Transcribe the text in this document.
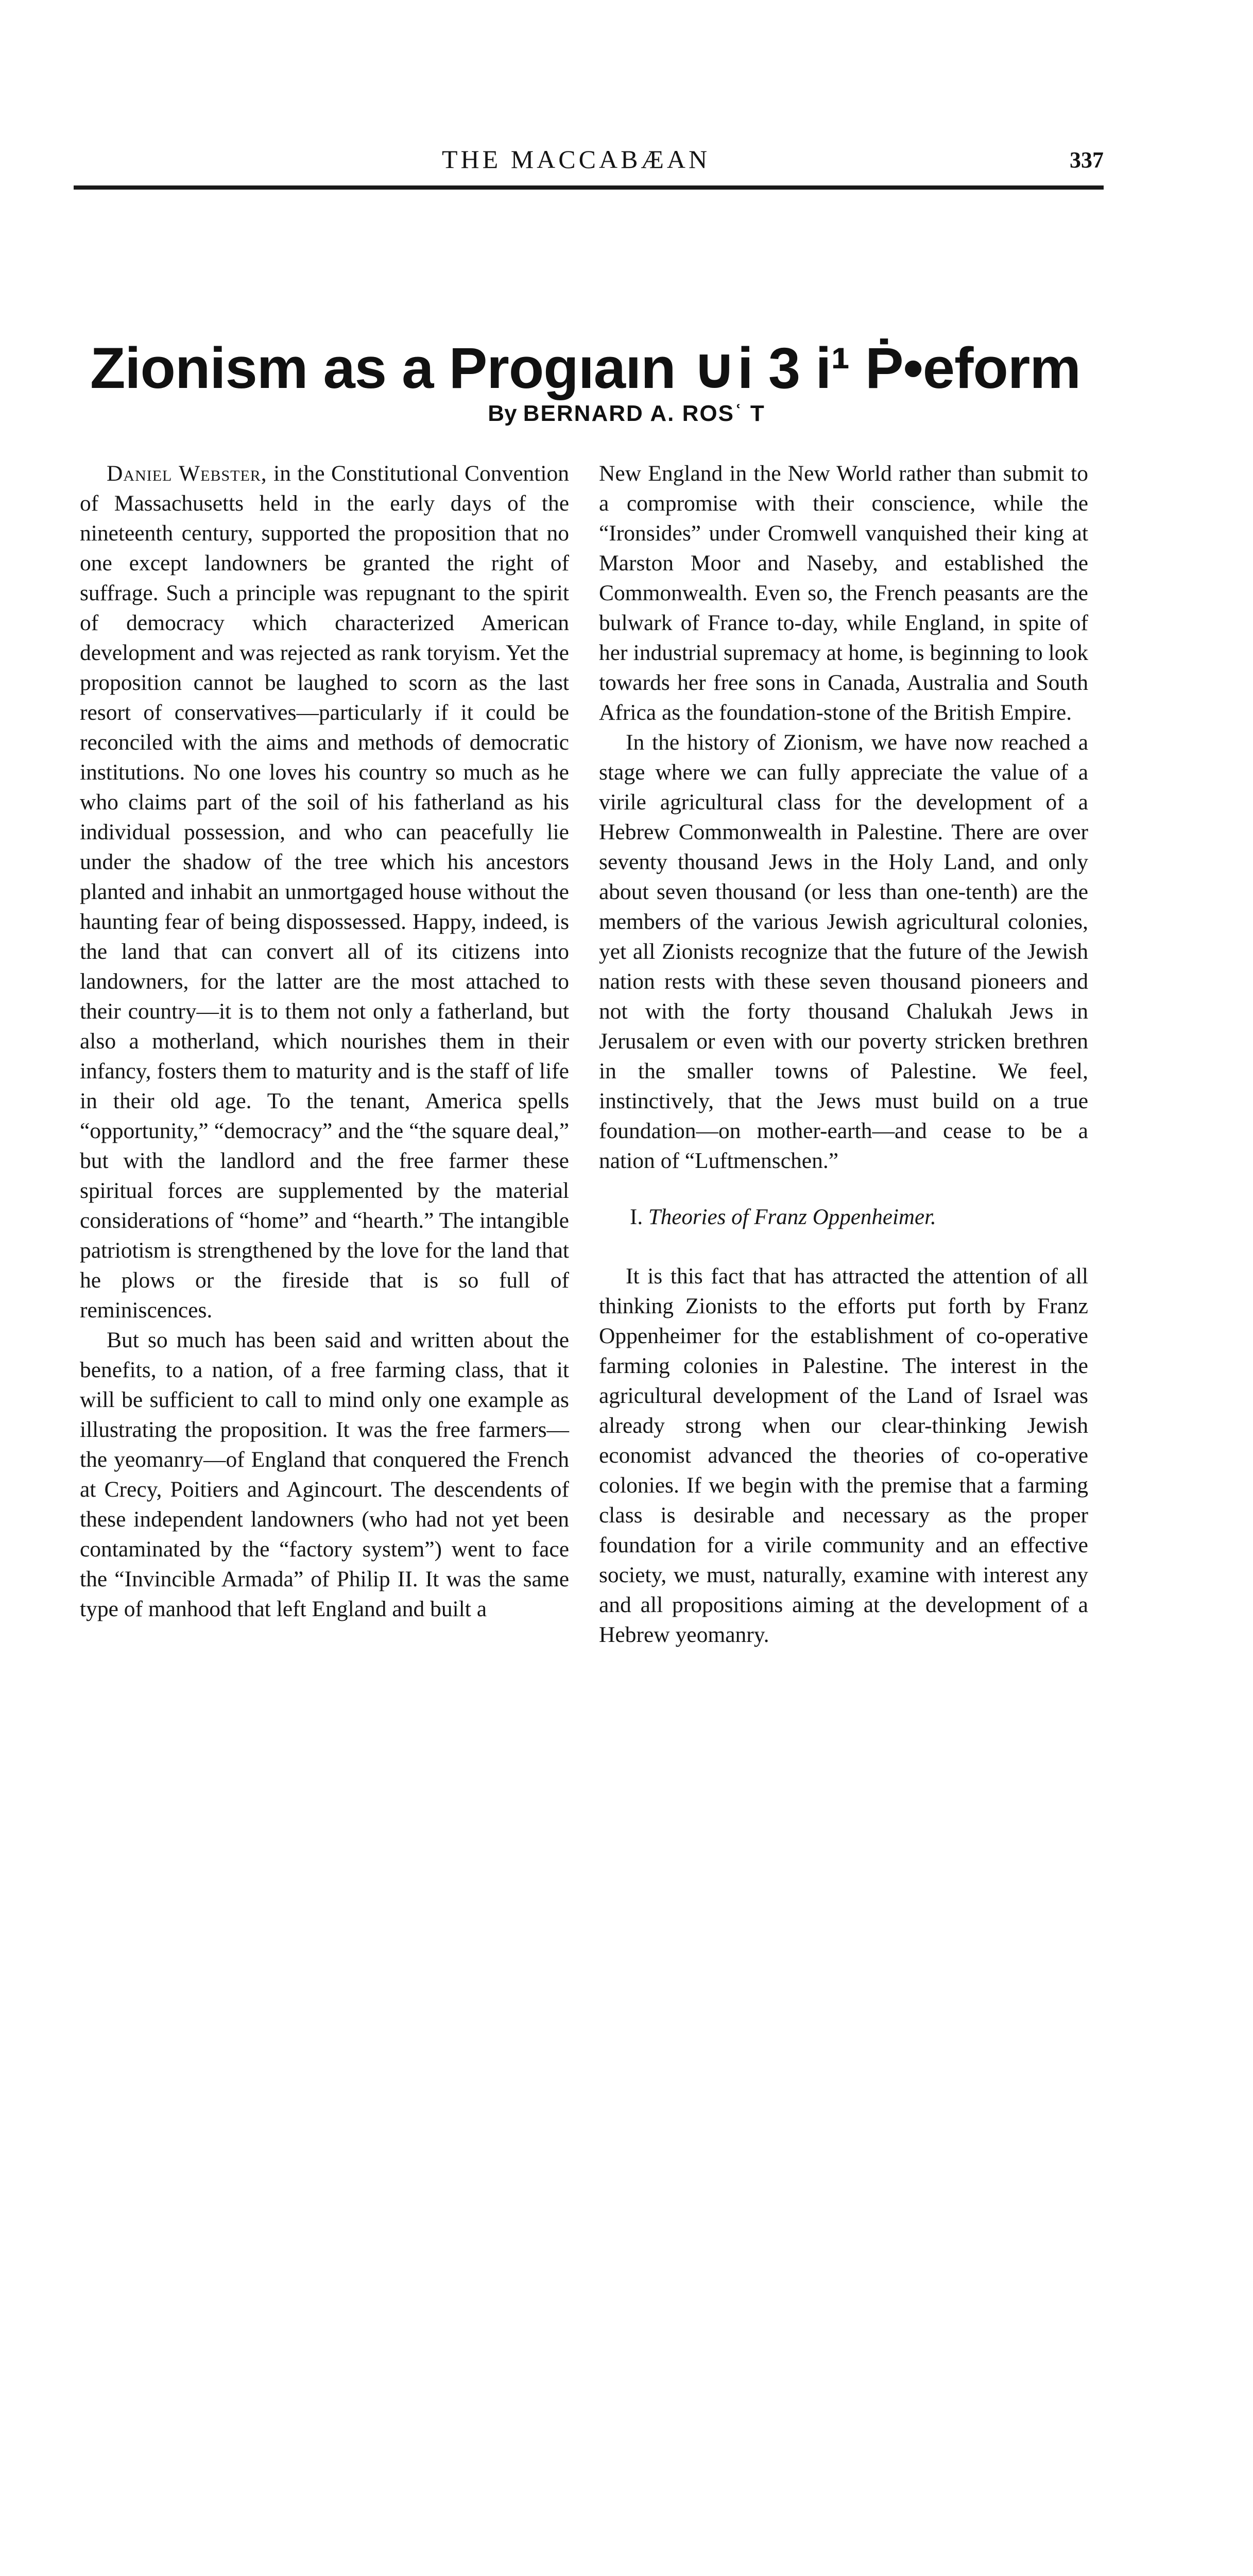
THE MACCABÆAN	337
Zionism as a Progıaın ∪i 3 i¹ Ṗ•eform
By BERNARD A. ROSʿ T

Daniel Webster, in the Constitutional Convention of Massachusetts held in the early days of the nineteenth century, supported the proposition that no one except landowners be granted the right of suffrage. Such a principle was repugnant to the spirit of democracy which characterized American development and was rejected as rank toryism. Yet the proposition cannot be laughed to scorn as the last resort of conservatives—particularly if it could be reconciled with the aims and methods of democratic institutions. No one loves his country so much as he who claims part of the soil of his fatherland as his individual possession, and who can peacefully lie under the shadow of the tree which his ancestors planted and inhabit an unmortgaged house without the haunting fear of being dispossessed. Happy, indeed, is the land that can convert all of its citizens into landowners, for the latter are the most attached to their country—it is to them not only a fatherland, but also a motherland, which nourishes them in their infancy, fosters them to maturity and is the staff of life in their old age. To the tenant, America spells “opportunity,” “democracy” and the “the square deal,” but with the landlord and the free farmer these spiritual forces are supplemented by the material considerations of “home” and “hearth.” The intangible patriotism is strengthened by the love for the land that he plows or the fireside that is so full of reminiscences.

But so much has been said and written about the benefits, to a nation, of a free farming class, that it will be sufficient to call to mind only one example as illustrating the proposition. It was the free farmers—the yeomanry—of England that conquered the French at Crecy, Poitiers and Agincourt. The descendents of these independent landowners (who had not yet been contaminated by the “factory system”) went to face the “Invincible Armada” of Philip II. It was the same type of manhood that left England and built a

New England in the New World rather than submit to a compromise with their conscience, while the “Ironsides” under Cromwell vanquished their king at Marston Moor and Naseby, and established the Commonwealth. Even so, the French peasants are the bulwark of France to-day, while England, in spite of her industrial supremacy at home, is beginning to look towards her free sons in Canada, Australia and South Africa as the foundation-stone of the British Empire.

In the history of Zionism, we have now reached a stage where we can fully appreciate the value of a virile agricultural class for the development of a Hebrew Commonwealth in Palestine. There are over seventy thousand Jews in the Holy Land, and only about seven thousand (or less than one-tenth) are the members of the various Jewish agricultural colonies, yet all Zionists recognize that the future of the Jewish nation rests with these seven thousand pioneers and not with the forty thousand Chalukah Jews in Jerusalem or even with our poverty stricken brethren in the smaller towns of Palestine. We feel, instinctively, that the Jews must build on a true foundation—on mother-earth—and cease to be a nation of “Luftmenschen.”

I. Theories of Franz Oppenheimer.

It is this fact that has attracted the attention of all thinking Zionists to the efforts put forth by Franz Oppenheimer for the establishment of co-operative farming colonies in Palestine. The interest in the agricultural development of the Land of Israel was already strong when our clear-thinking Jewish economist advanced the theories of co-operative colonies. If we begin with the premise that a farming class is desirable and necessary as the proper foundation for a virile community and an effective society, we must, naturally, examine with interest any and all propositions aiming at the development of a Hebrew yeomanry.
